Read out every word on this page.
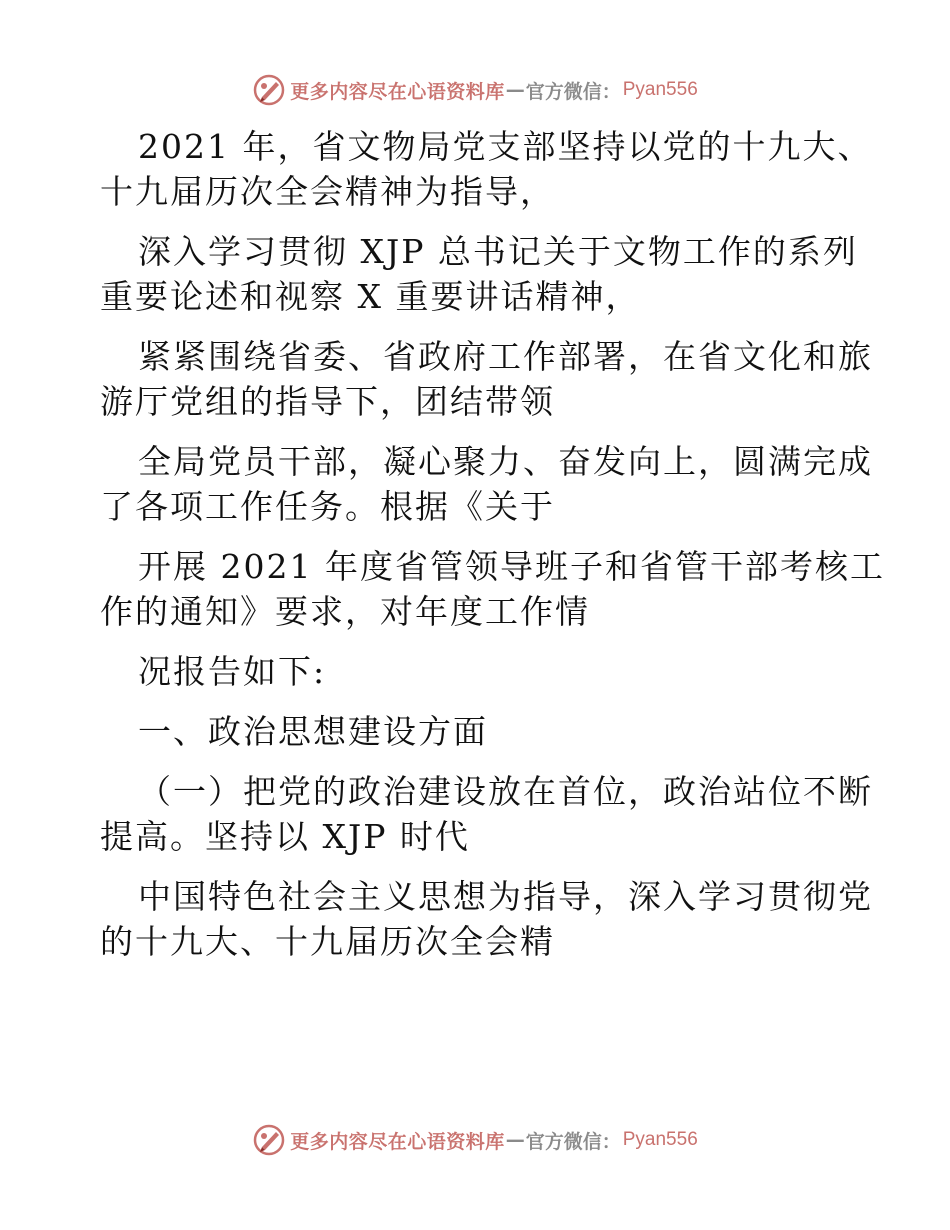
更多内容尽在心语资料库 — 官方微信： Pyan556
2021 年，省文物局党支部坚持以党的十九大、
十九届历次全会精神为指导，
深入学习贯彻 XJP 总书记关于文物工作的系列
重要论述和视察 X 重要讲话精神，
紧紧围绕省委、省政府工作部署，在省文化和旅
游厅党组的指导下，团结带领
全局党员干部，凝心聚力、奋发向上，圆满完成
了各项工作任务。根据《关于
开展 2021 年度省管领导班子和省管干部考核工
作的通知》要求，对年度工作情
况报告如下:
一、政治思想建设方面
（一）把党的政治建设放在首位，政治站位不断
提高。坚持以 XJP 时代
中国特色社会主义思想为指导，深入学习贯彻党
的十九大、十九届历次全会精
更多内容尽在心语资料库 — 官方微信： Pyan556
